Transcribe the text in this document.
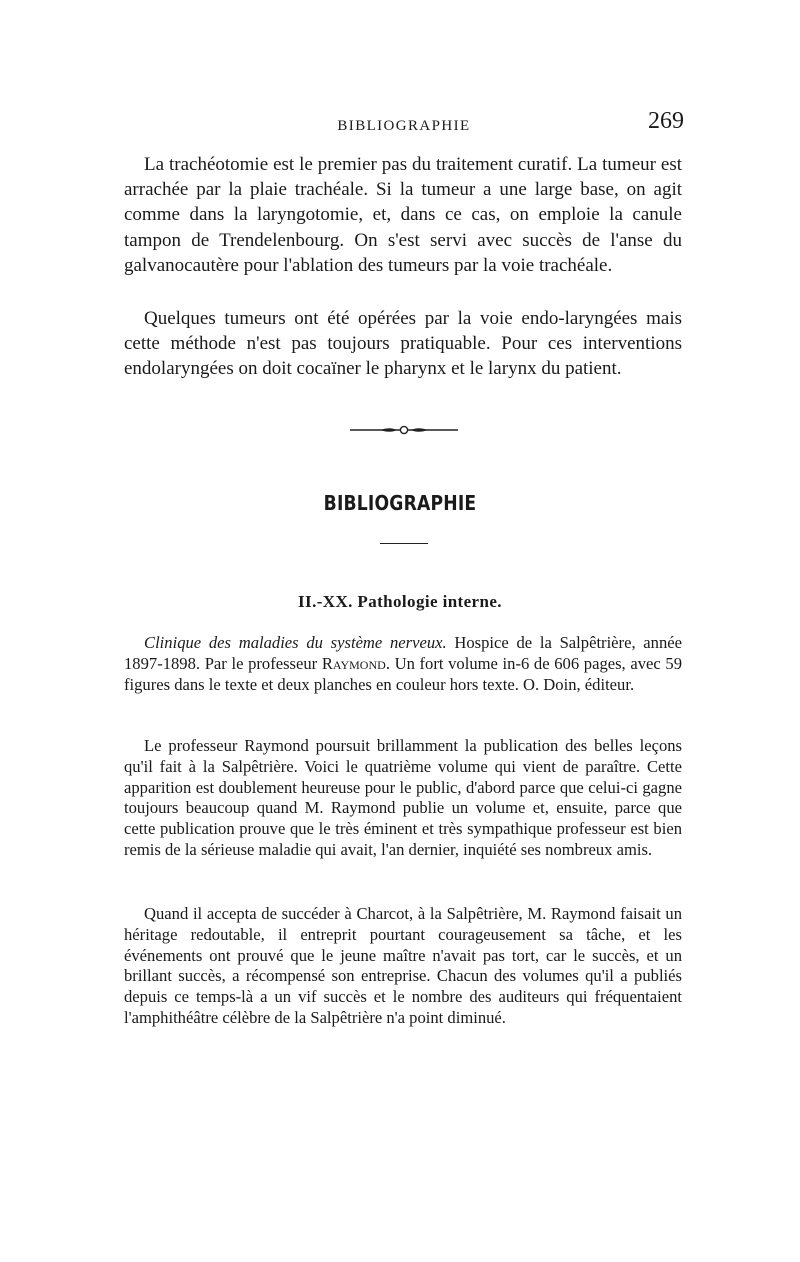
BIBLIOGRAPHIE	269

La trachéotomie est le premier pas du traitement curatif. La tumeur est arrachée par la plaie trachéale. Si la tumeur a une large base, on agit comme dans la laryngotomie, et, dans ce cas, on emploie la canule tampon de Trendelenbourg. On s'est servi avec succès de l'anse du galvanocautère pour l'ablation des tumeurs par la voie trachéale.

Quelques tumeurs ont été opérées par la voie endo-laryngées mais cette méthode n'est pas toujours pratiquable. Pour ces interventions endolaryngées on doit cocaïner le pharynx et le larynx du patient.

BIBLIOGRAPHIE
II.-XX. Pathologie interne.

Clinique des maladies du système nerveux. Hospice de la Salpêtrière, année 1897-1898. Par le professeur Raymond. Un fort volume in-6 de 606 pages, avec 59 figures dans le texte et deux planches en couleur hors texte. O. Doin, éditeur.

Le professeur Raymond poursuit brillamment la publication des belles leçons qu'il fait à la Salpêtrière. Voici le quatrième volume qui vient de paraître. Cette apparition est doublement heureuse pour le public, d'abord parce que celui-ci gagne toujours beaucoup quand M. Raymond publie un volume et, ensuite, parce que cette publication prouve que le très éminent et très sympathique professeur est bien remis de la sérieuse maladie qui avait, l'an dernier, inquiété ses nombreux amis.

Quand il accepta de succéder à Charcot, à la Salpêtrière, M. Raymond faisait un héritage redoutable, il entreprit pourtant courageusement sa tâche, et les événements ont prouvé que le jeune maître n'avait pas tort, car le succès, et un brillant succès, a récompensé son entreprise. Chacun des volumes qu'il a publiés depuis ce temps-là a un vif succès et le nombre des auditeurs qui fréquentaient l'amphithéâtre célèbre de la Salpêtrière n'a point diminué.
